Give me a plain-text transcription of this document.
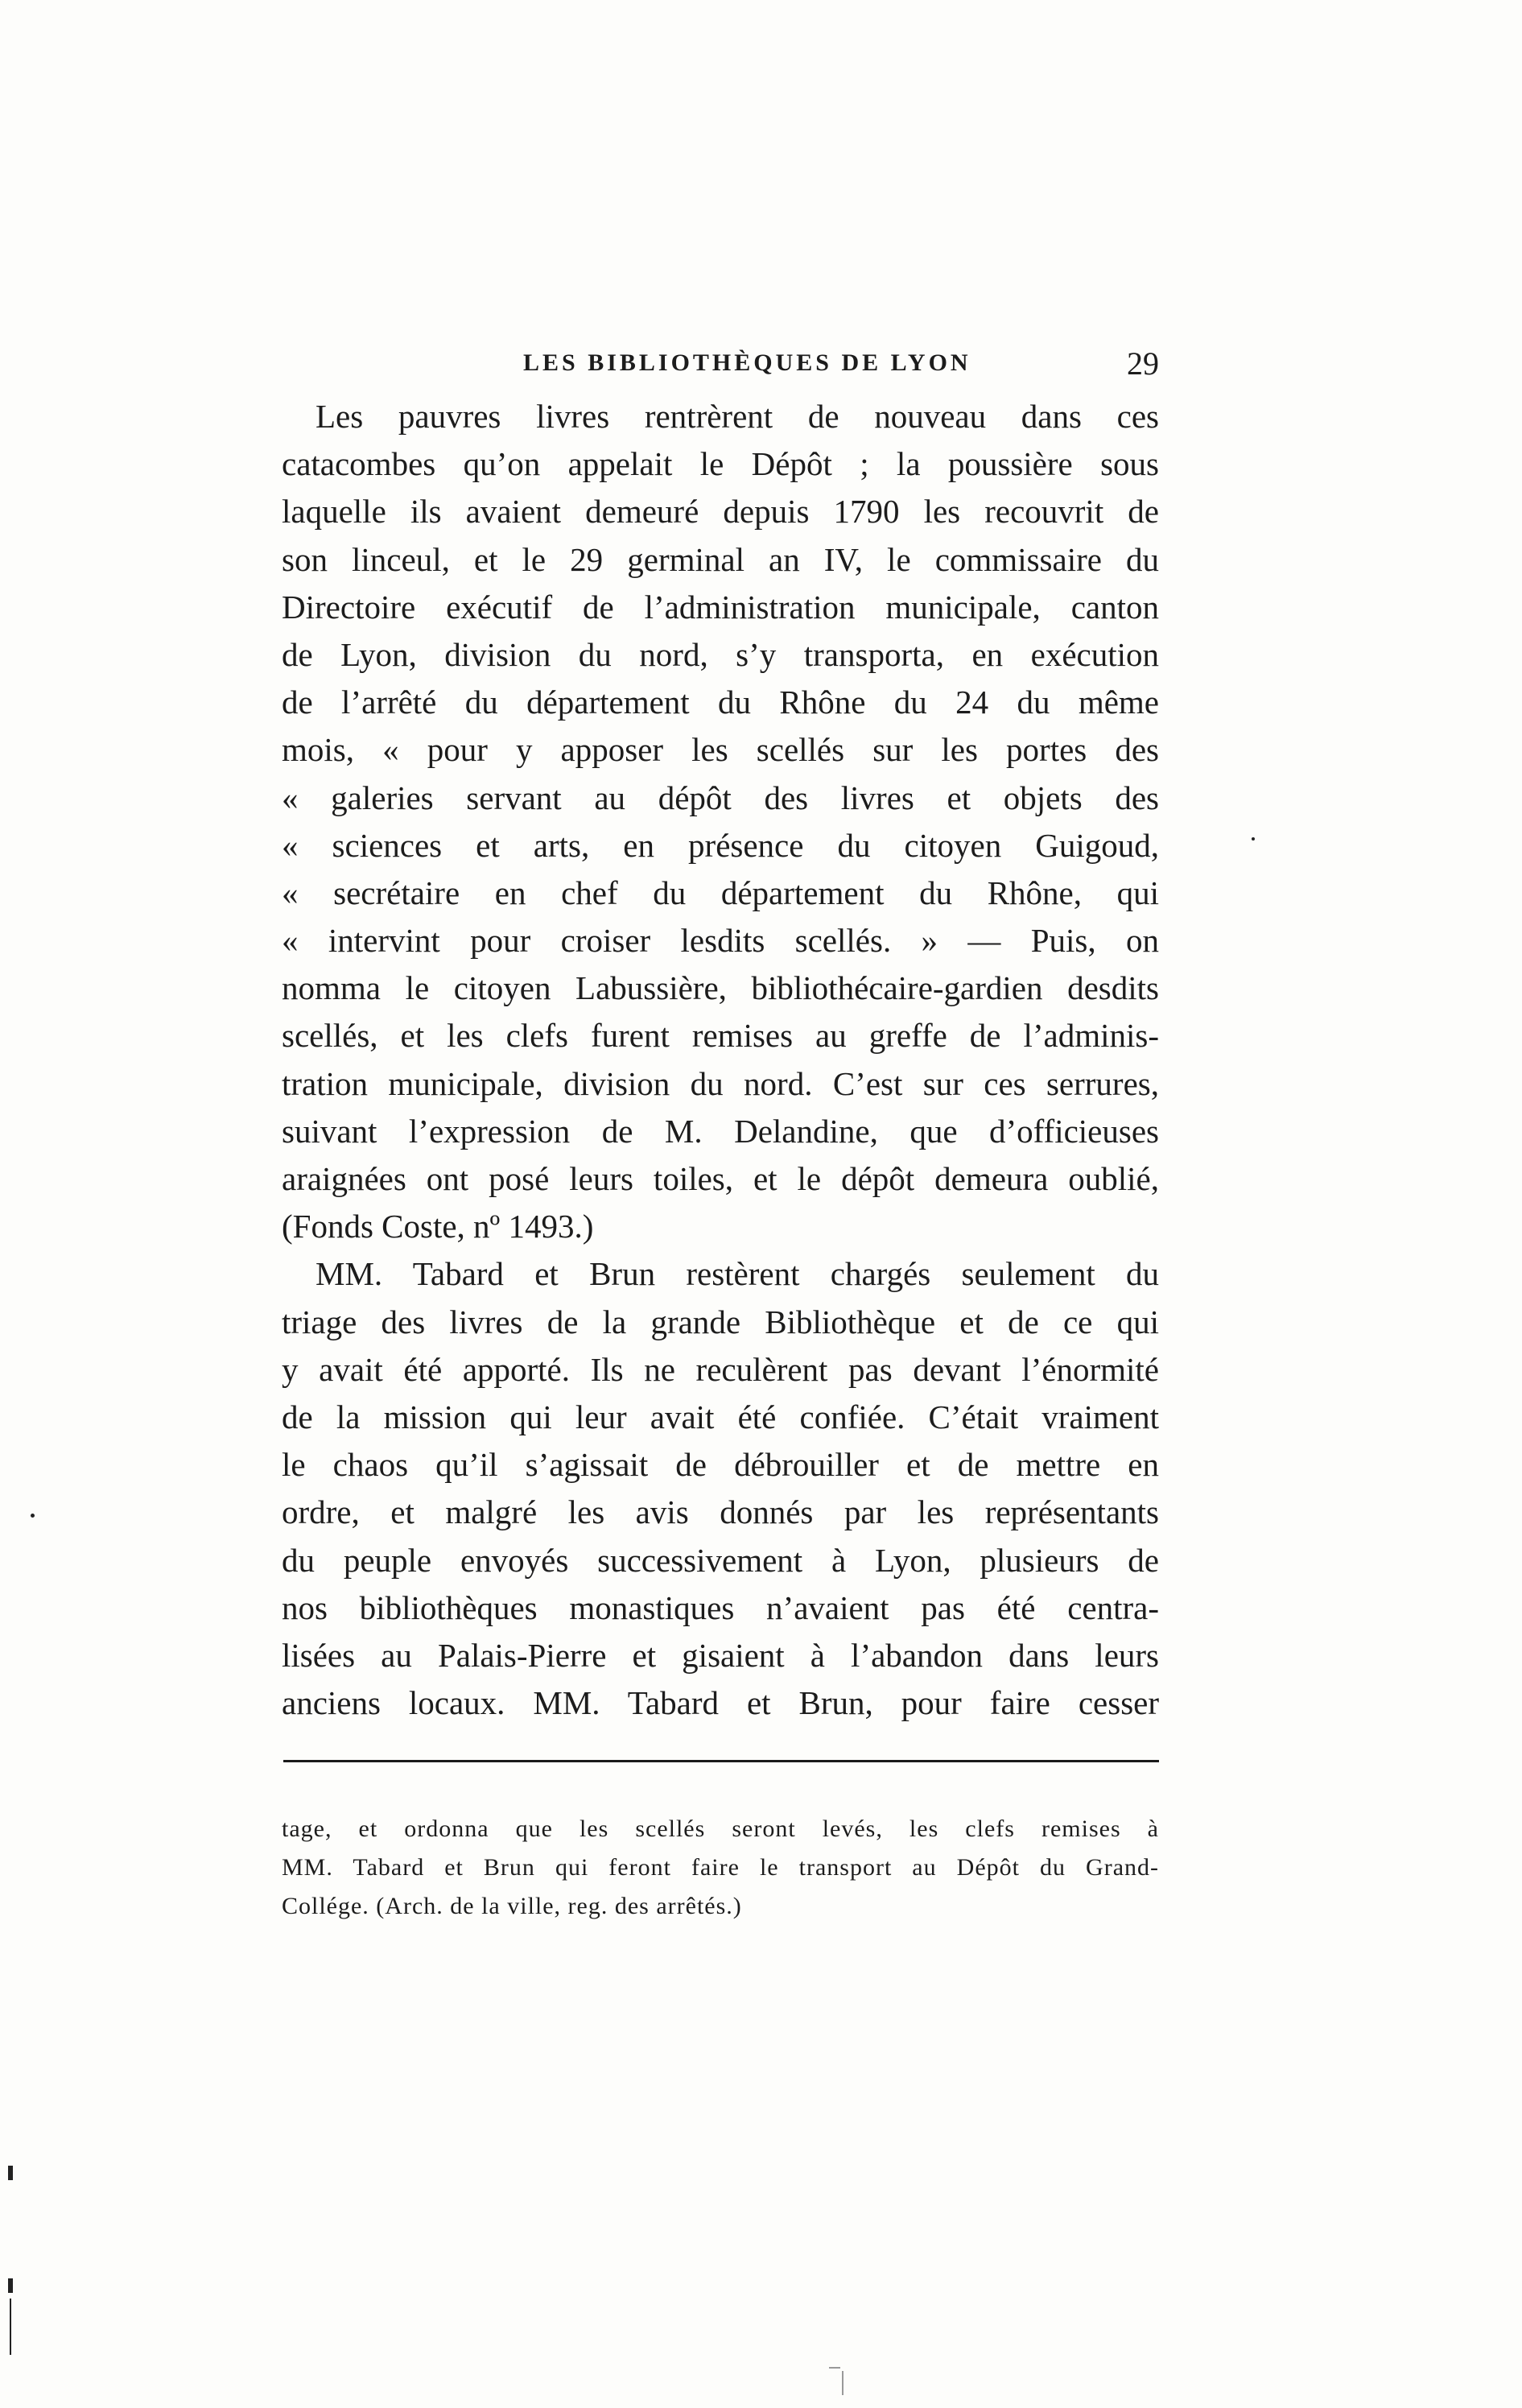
LES BIBLIOTHÈQUES DE LYON	29
Les pauvres livres rentrèrent de nouveau dans ces
catacombes qu’on appelait le Dépôt ; la poussière sous
laquelle ils avaient demeuré depuis 1790 les recouvrit de
son linceul, et le 29 germinal an IV, le commissaire du
Directoire exécutif de l’administration municipale, canton
de Lyon, division du nord, s’y transporta, en exécution
de l’arrêté du département du Rhône du 24 du même
mois, « pour y apposer les scellés sur les portes des
« galeries servant au dépôt des livres et objets des
« sciences et arts, en présence du citoyen Guigoud,
« secrétaire en chef du département du Rhône, qui
« intervint pour croiser lesdits scellés. » — Puis, on
nomma le citoyen Labussière, bibliothécaire-gardien desdits
scellés, et les clefs furent remises au greffe de l’adminis-
tration municipale, division du nord. C’est sur ces serrures,
suivant l’expression de M. Delandine, que d’officieuses
araignées ont posé leurs toiles, et le dépôt demeura oublié,
(Fonds Coste, nº 1493.)
MM. Tabard et Brun restèrent chargés seulement du
triage des livres de la grande Bibliothèque et de ce qui
y avait été apporté. Ils ne reculèrent pas devant l’énormité
de la mission qui leur avait été confiée. C’était vraiment
le chaos qu’il s’agissait de débrouiller et de mettre en
ordre, et malgré les avis donnés par les représentants
du peuple envoyés successivement à Lyon, plusieurs de
nos bibliothèques monastiques n’avaient pas été centra-
lisées au Palais-Pierre et gisaient à l’abandon dans leurs
anciens locaux. MM. Tabard et Brun, pour faire cesser
tage, et ordonna que les scellés seront levés, les clefs remises à
MM. Tabard et Brun qui feront faire le transport au Dépôt du Grand-
Collége. (Arch. de la ville, reg. des arrêtés.)
